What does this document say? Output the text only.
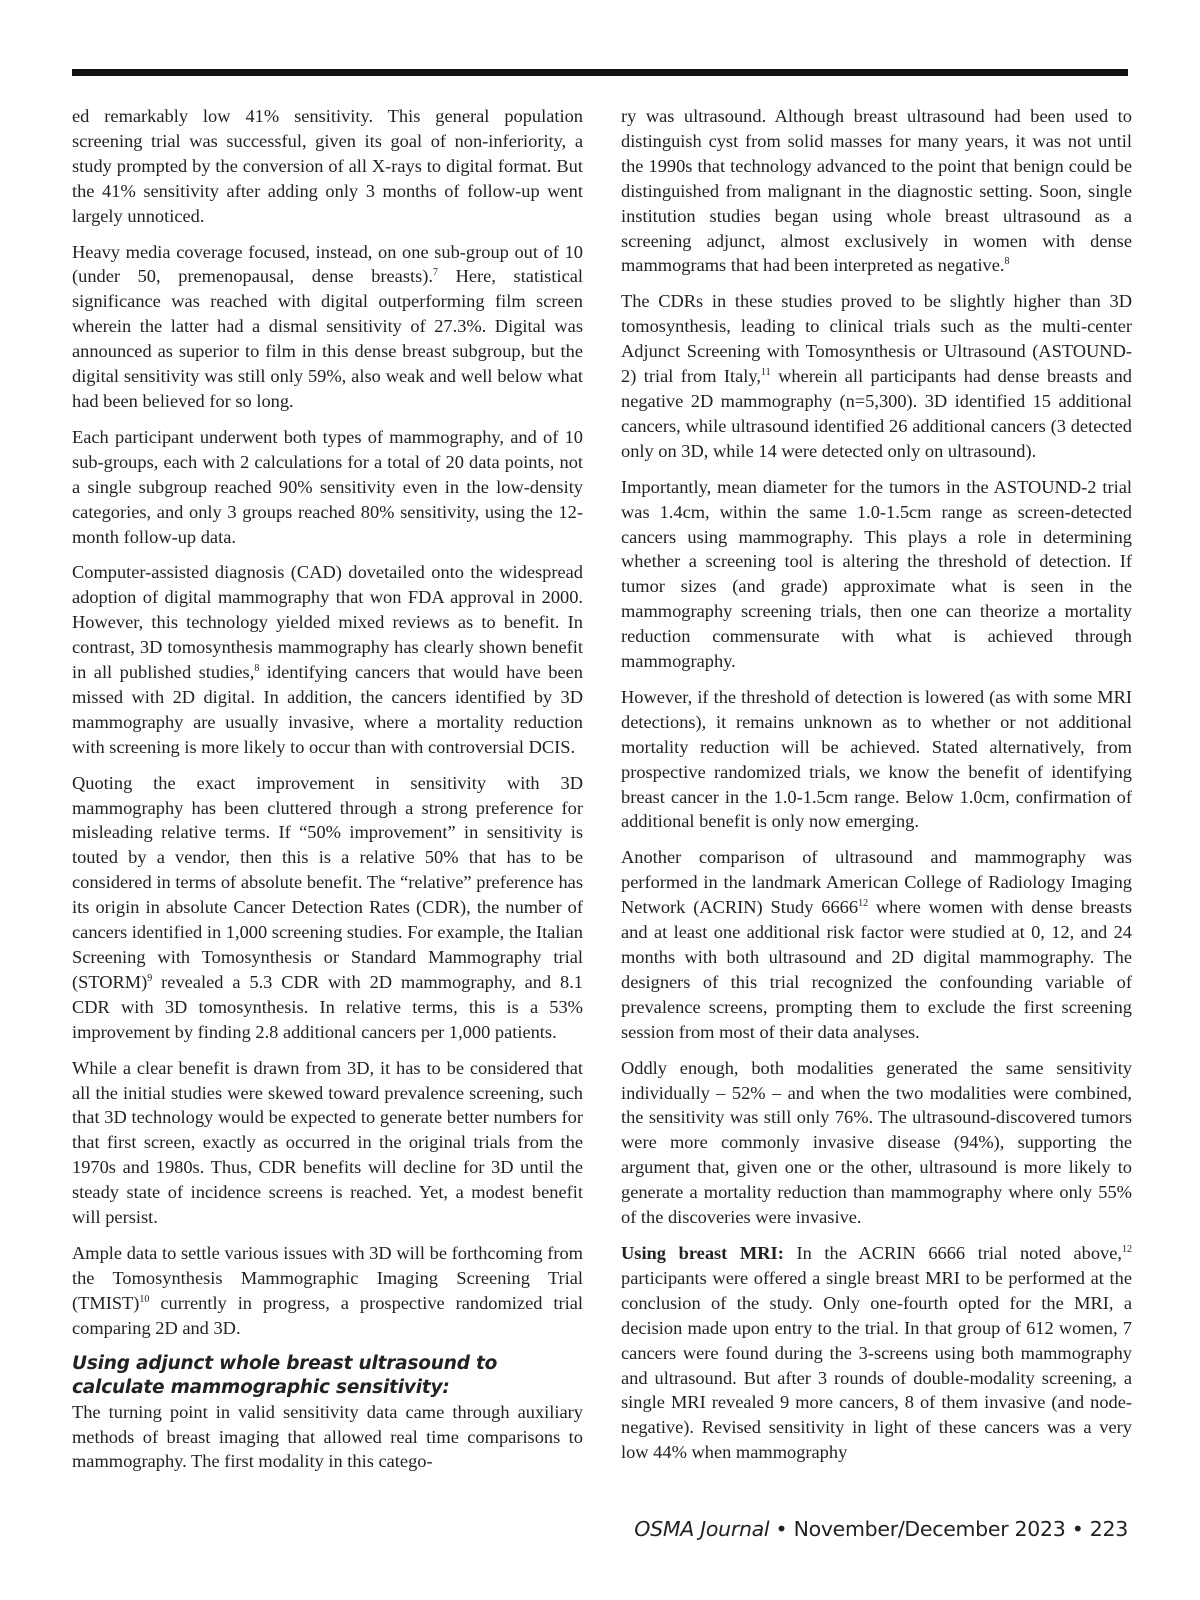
ed remarkably low 41% sensitivity. This general population screening trial was successful, given its goal of non-inferiority, a study prompted by the conversion of all X-rays to digital format. But the 41% sensitivity after adding only 3 months of follow-up went largely unnoticed.

Heavy media coverage focused, instead, on one sub-group out of 10 (under 50, premenopausal, dense breasts).$^7$ Here, statistical significance was reached with digital outperforming film screen wherein the latter had a dismal sensitivity of 27.3%. Digital was announced as superior to film in this dense breast subgroup, but the digital sensitivity was still only 59%, also weak and well below what had been believed for so long.

Each participant underwent both types of mammography, and of 10 sub-groups, each with 2 calculations for a total of 20 data points, not a single subgroup reached 90% sensitivity even in the low-density categories, and only 3 groups reached 80% sensitivity, using the 12-month follow-up data.

Computer-assisted diagnosis (CAD) dovetailed onto the widespread adoption of digital mammography that won FDA approval in 2000. However, this technology yielded mixed reviews as to benefit. In contrast, 3D tomosynthesis mammography has clearly shown benefit in all published studies,$^8$ identifying cancers that would have been missed with 2D digital. In addition, the cancers identified by 3D mammography are usually invasive, where a mortality reduction with screening is more likely to occur than with controversial DCIS.

Quoting the exact improvement in sensitivity with 3D mammography has been cluttered through a strong preference for misleading relative terms. If “50% improvement” in sensitivity is touted by a vendor, then this is a relative 50% that has to be considered in terms of absolute benefit. The “relative” preference has its origin in absolute Cancer Detection Rates (CDR), the number of cancers identified in 1,000 screening studies. For example, the Italian Screening with Tomosynthesis or Standard Mammography trial (STORM)$^9$ revealed a 5.3 CDR with 2D mammography, and 8.1 CDR with 3D tomosynthesis. In relative terms, this is a 53% improvement by finding 2.8 additional cancers per 1,000 patients.

While a clear benefit is drawn from 3D, it has to be considered that all the initial studies were skewed toward prevalence screening, such that 3D technology would be expected to generate better numbers for that first screen, exactly as occurred in the original trials from the 1970s and 1980s. Thus, CDR benefits will decline for 3D until the steady state of incidence screens is reached. Yet, a modest benefit will persist.

Ample data to settle various issues with 3D will be forthcoming from the Tomosynthesis Mammographic Imaging Screening Trial (TMIST)$^{10}$ currently in progress, a prospective randomized trial comparing 2D and 3D.

Using adjunct whole breast ultrasound to calculate mammographic sensitivity:

The turning point in valid sensitivity data came through auxiliary methods of breast imaging that allowed real time comparisons to mammography. The first modality in this catego-

ry was ultrasound. Although breast ultrasound had been used to distinguish cyst from solid masses for many years, it was not until the 1990s that technology advanced to the point that benign could be distinguished from malignant in the diagnostic setting. Soon, single institution studies began using whole breast ultrasound as a screening adjunct, almost exclusively in women with dense mammograms that had been interpreted as negative.$^8$

The CDRs in these studies proved to be slightly higher than 3D tomosynthesis, leading to clinical trials such as the multi-center Adjunct Screening with Tomosynthesis or Ultrasound (ASTOUND-2) trial from Italy,$^{11}$ wherein all participants had dense breasts and negative 2D mammography (n=5,300). 3D identified 15 additional cancers, while ultrasound identified 26 additional cancers (3 detected only on 3D, while 14 were detected only on ultrasound).

Importantly, mean diameter for the tumors in the ASTOUND-2 trial was 1.4cm, within the same 1.0-1.5cm range as screen-detected cancers using mammography. This plays a role in determining whether a screening tool is altering the threshold of detection. If tumor sizes (and grade) approximate what is seen in the mammography screening trials, then one can theorize a mortality reduction commensurate with what is achieved through mammography.

However, if the threshold of detection is lowered (as with some MRI detections), it remains unknown as to whether or not additional mortality reduction will be achieved. Stated alternatively, from prospective randomized trials, we know the benefit of identifying breast cancer in the 1.0-1.5cm range. Below 1.0cm, confirmation of additional benefit is only now emerging.

Another comparison of ultrasound and mammography was performed in the landmark American College of Radiology Imaging Network (ACRIN) Study 6666$^{12}$ where women with dense breasts and at least one additional risk factor were studied at 0, 12, and 24 months with both ultrasound and 2D digital mammography. The designers of this trial recognized the confounding variable of prevalence screens, prompting them to exclude the first screening session from most of their data analyses.

Oddly enough, both modalities generated the same sensitivity individually – 52% – and when the two modalities were combined, the sensitivity was still only 76%. The ultrasound-discovered tumors were more commonly invasive disease (94%), supporting the argument that, given one or the other, ultrasound is more likely to generate a mortality reduction than mammography where only 55% of the discoveries were invasive.

Using breast MRI: In the ACRIN 6666 trial noted above,$^{12}$ participants were offered a single breast MRI to be performed at the conclusion of the study. Only one-fourth opted for the MRI, a decision made upon entry to the trial. In that group of 612 women, 7 cancers were found during the 3-screens using both mammography and ultrasound. But after 3 rounds of double-modality screening, a single MRI revealed 9 more cancers, 8 of them invasive (and node-negative). Revised sensitivity in light of these cancers was a very low 44% when mammography

OSMA Journal • November/December 2023 • 223
